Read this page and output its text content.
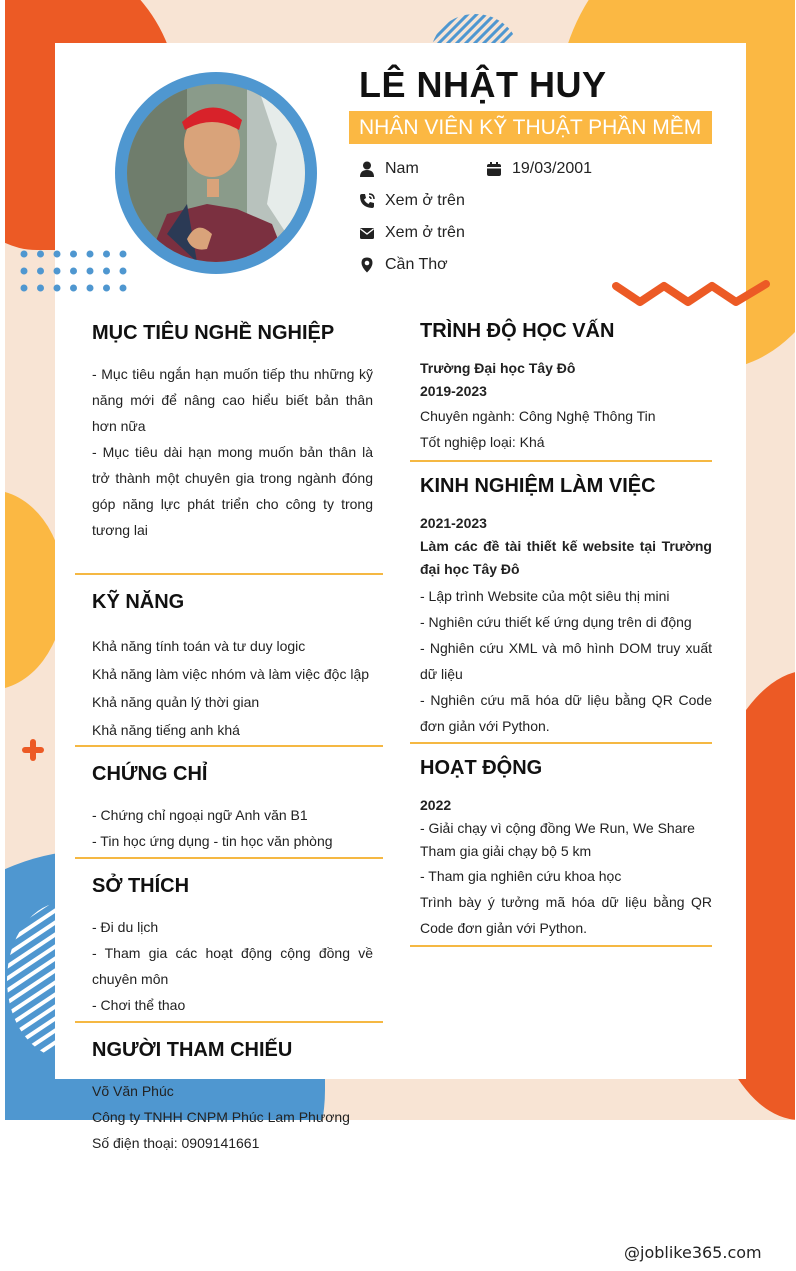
LÊ NHẬT HUY
NHÂN VIÊN KỸ THUẬT PHẦN MỀM
Nam	19/03/2001
Xem ở trên
Xem ở trên
Cần Thơ
MỤC TIÊU NGHỀ NGHIỆP
- Mục tiêu ngắn hạn muốn tiếp thu những kỹ năng mới để nâng cao hiểu biết bản thân hơn nữa
- Mục tiêu dài hạn mong muốn bản thân là trở thành một chuyên gia trong ngành đóng góp năng lực phát triển cho công ty trong tương lai
KỸ NĂNG
Khả năng tính toán và tư duy logic
Khả năng làm việc nhóm và làm việc độc lập
Khả năng quản lý thời gian
Khả năng tiếng anh khá
CHỨNG CHỈ
- Chứng chỉ ngoại ngữ Anh văn B1
- Tin học ứng dụng - tin học văn phòng
SỞ THÍCH
- Đi du lịch
- Tham gia các hoạt động cộng đồng về chuyên môn
- Chơi thể thao
NGƯỜI THAM CHIẾU
Võ Văn Phúc
Công ty TNHH CNPM Phúc Lam Phương
Số điện thoại: 0909141661
TRÌNH ĐỘ HỌC VẤN
Trường Đại học Tây Đô
2019-2023
Chuyên ngành: Công Nghệ Thông Tin
Tốt nghiệp loại: Khá
KINH NGHIỆM LÀM VIỆC
2021-2023
Làm các đề tài thiết kế website tại Trường đại học Tây Đô
- Lập trình Website của một siêu thị mini
- Nghiên cứu thiết kế ứng dụng trên di động
- Nghiên cứu XML và mô hình DOM truy xuất dữ liệu
- Nghiên cứu mã hóa dữ liệu bằng QR Code đơn giản với Python.
HOẠT ĐỘNG
2022
- Giải chạy vì cộng đồng We Run, We Share
Tham gia giải chạy bộ 5 km
- Tham gia nghiên cứu khoa học
Trình bày ý tưởng mã hóa dữ liệu bằng QR Code đơn giản với Python.
@joblike365.com
